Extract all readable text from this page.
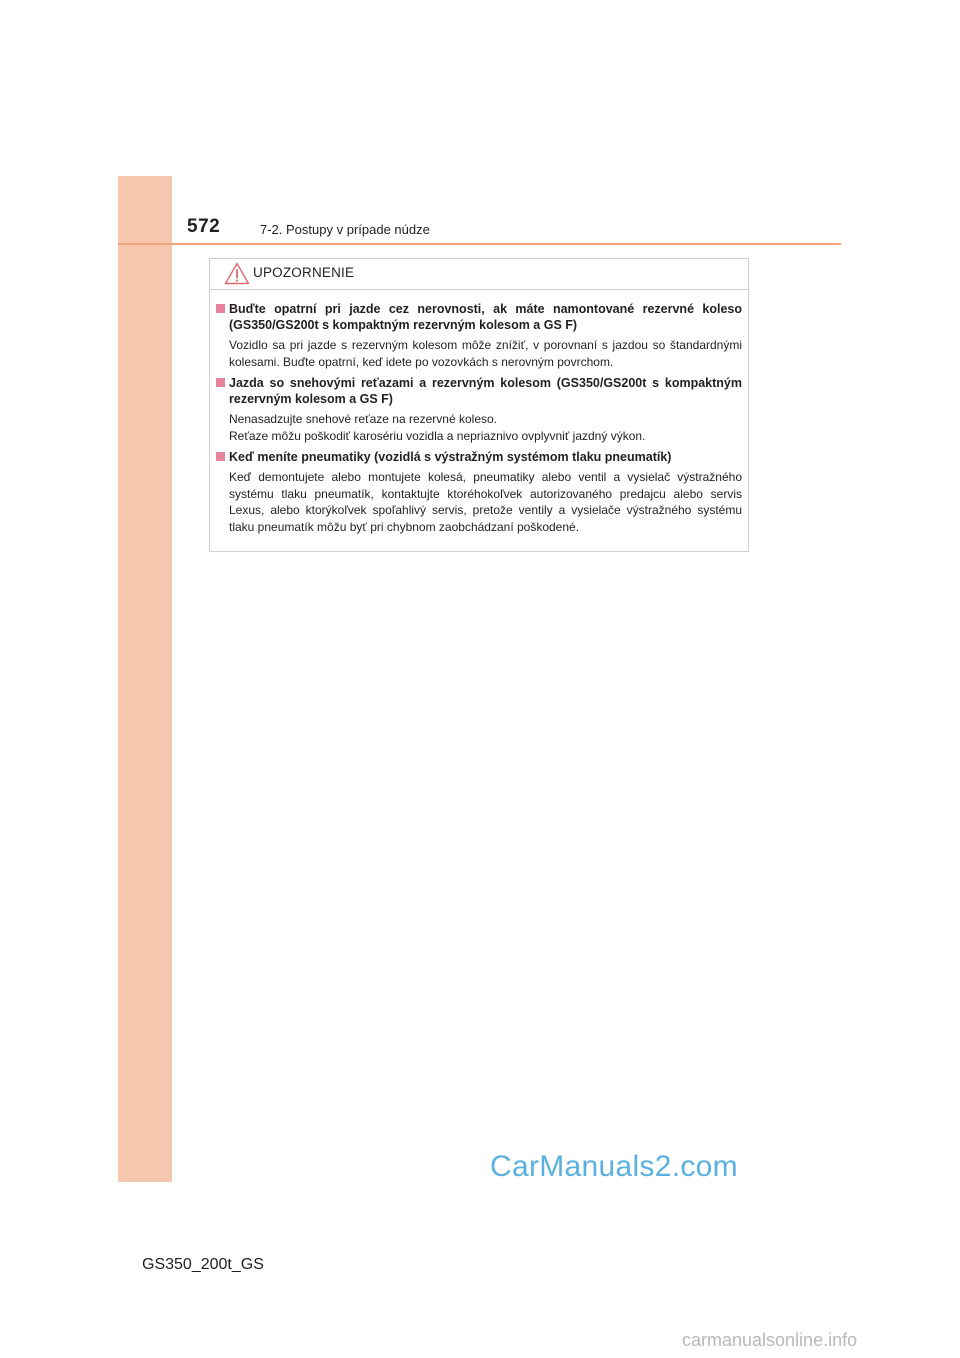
572	7-2. Postupy v prípade núdze
UPOZORNENIE
Buďte opatrní pri jazde cez nerovnosti, ak máte namontované rezervné koleso (GS350/GS200t s kompaktným rezervným kolesom a GS F)

Vozidlo sa pri jazde s rezervným kolesom môže znížiť, v porovnaní s jazdou so štandardnými kolesami. Buďte opatrní, keď idete po vozovkách s nerovným povrchom.

Jazda so snehovými reťazami a rezervným kolesom (GS350/GS200t s kompaktným rezervným kolesom a GS F)

Nenasadzujte snehové reťaze na rezervné koleso.

Reťaze môžu poškodiť karosériu vozidla a nepriaznivo ovplyvniť jazdný výkon.

Keď meníte pneumatiky (vozidlá s výstražným systémom tlaku pneumatík)

Keď demontujete alebo montujete kolesá, pneumatiky alebo ventil a vysielač výstražného systému tlaku pneumatík, kontaktujte ktoréhokoľvek autorizovaného predajcu alebo servis Lexus, alebo ktorýkoľvek spoľahlivý servis, pretože ventily a vysielače výstražného systému tlaku pneumatík môžu byť pri chybnom zaobchádzaní poškodené.

CarManuals2.com
GS350_200t_GS
carmanualsonline.info
